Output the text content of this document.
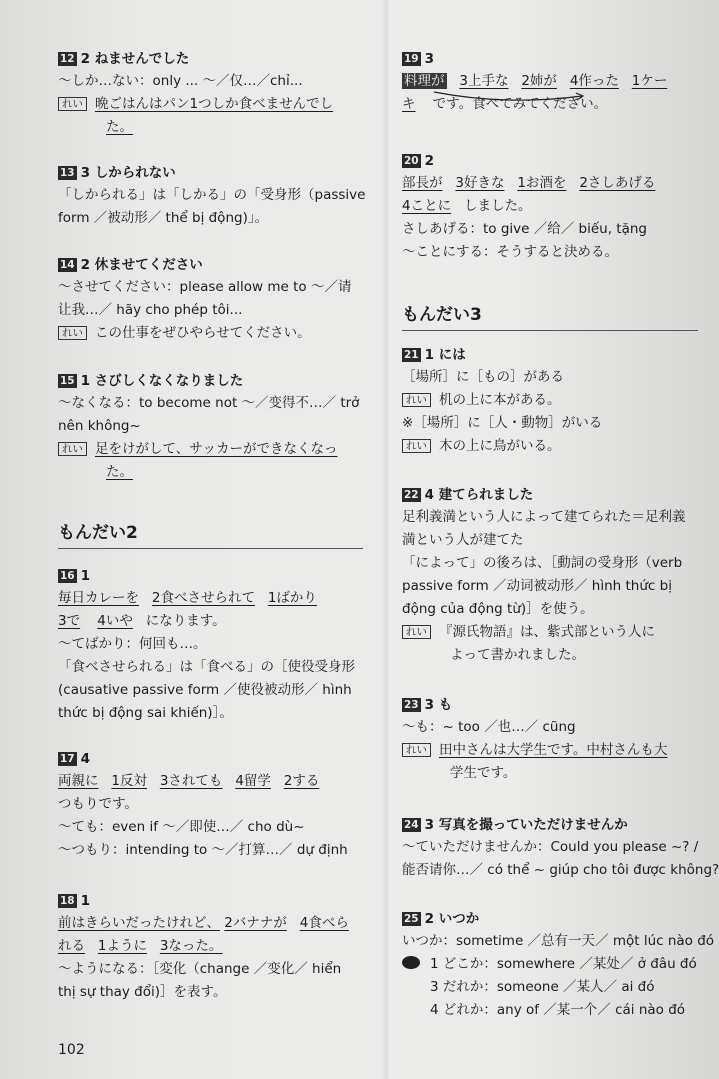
12 2 ねませんでした
～しか…ない：only ... ～／仅…／chỉ...
れい 晩ごはんはパン1つしか食べませんでし
た。
13 3 しかられない
「しかられる」は「しかる」の「受身形（passive
form ／被动形／ thể bị động)」。
14 2 休ませてください
～させてください：please allow me to ～／请
让我…／ hãy cho phép tôi...
れい この仕事をぜひやらせてください。
15 1 さびしくなくなりました
～なくなる：to become not ～／变得不…／ trở
nên không~
れい 足をけがして、サッカーができなくなっ
た。
もんだい2
16 1
毎日カレーを 2食べさせられて 1ばかり
3で 4いや になります。
～てばかり：何回も…。
「食べさせられる」は「食べる」の［使役受身形
(causative passive form ／使役被动形／ hình
thức bị động sai khiến)］。
17 4
両親に 1反対 3されても 4留学 2する
つもりです。
～ても：even if ～／即使…／ cho dù~
～つもり：intending to ～／打算…／ dự định
18 1
前はきらいだったけれど、 2バナナが 4食べら
れる 1ように 3なった。
～ようになる：［変化（change ／变化／ hiển
thị sự thay đổi)］を表す。
102
19 3
料理が 3上手な 2姉が 4作った 1ケー
キ です。食べてみてください。
20 2
部長が 3好きな 1お酒を 2さしあげる
4ことに しました。
さしあげる：to give ／给／ biếu, tặng
～ことにする：そうすると決める。
もんだい3
21 1 には
［場所］に［もの］がある
れい 机の上に本がある。
※［場所］に［人・動物］がいる
れい 木の上に鳥がいる。
22 4 建てられました
足利義満という人によって建てられた＝足利義
満という人が建てた
「によって」の後ろは、［動詞の受身形（verb
passive form ／动词被动形／ hình thức bị
động của động từ)］を使う。
れい 『源氏物語』は、紫式部という人に
よって書かれました。
23 3 も
～も：~ too ／也…／ cũng
れい 田中さんは大学生です。中村さんも大
学生です。
24 3 写真を撮っていただけませんか
～ていただけませんか：Could you please ~? /
能否请你…／ có thể ~ giúp cho tôi được không?
25 2 いつか
いつか：sometime ／总有一天／ một lúc nào đó
1 どこか：somewhere ／某处／ ở đâu đó
3 だれか：someone ／某人／ ai đó
4 どれか：any of ／某一个／ cái nào đó
